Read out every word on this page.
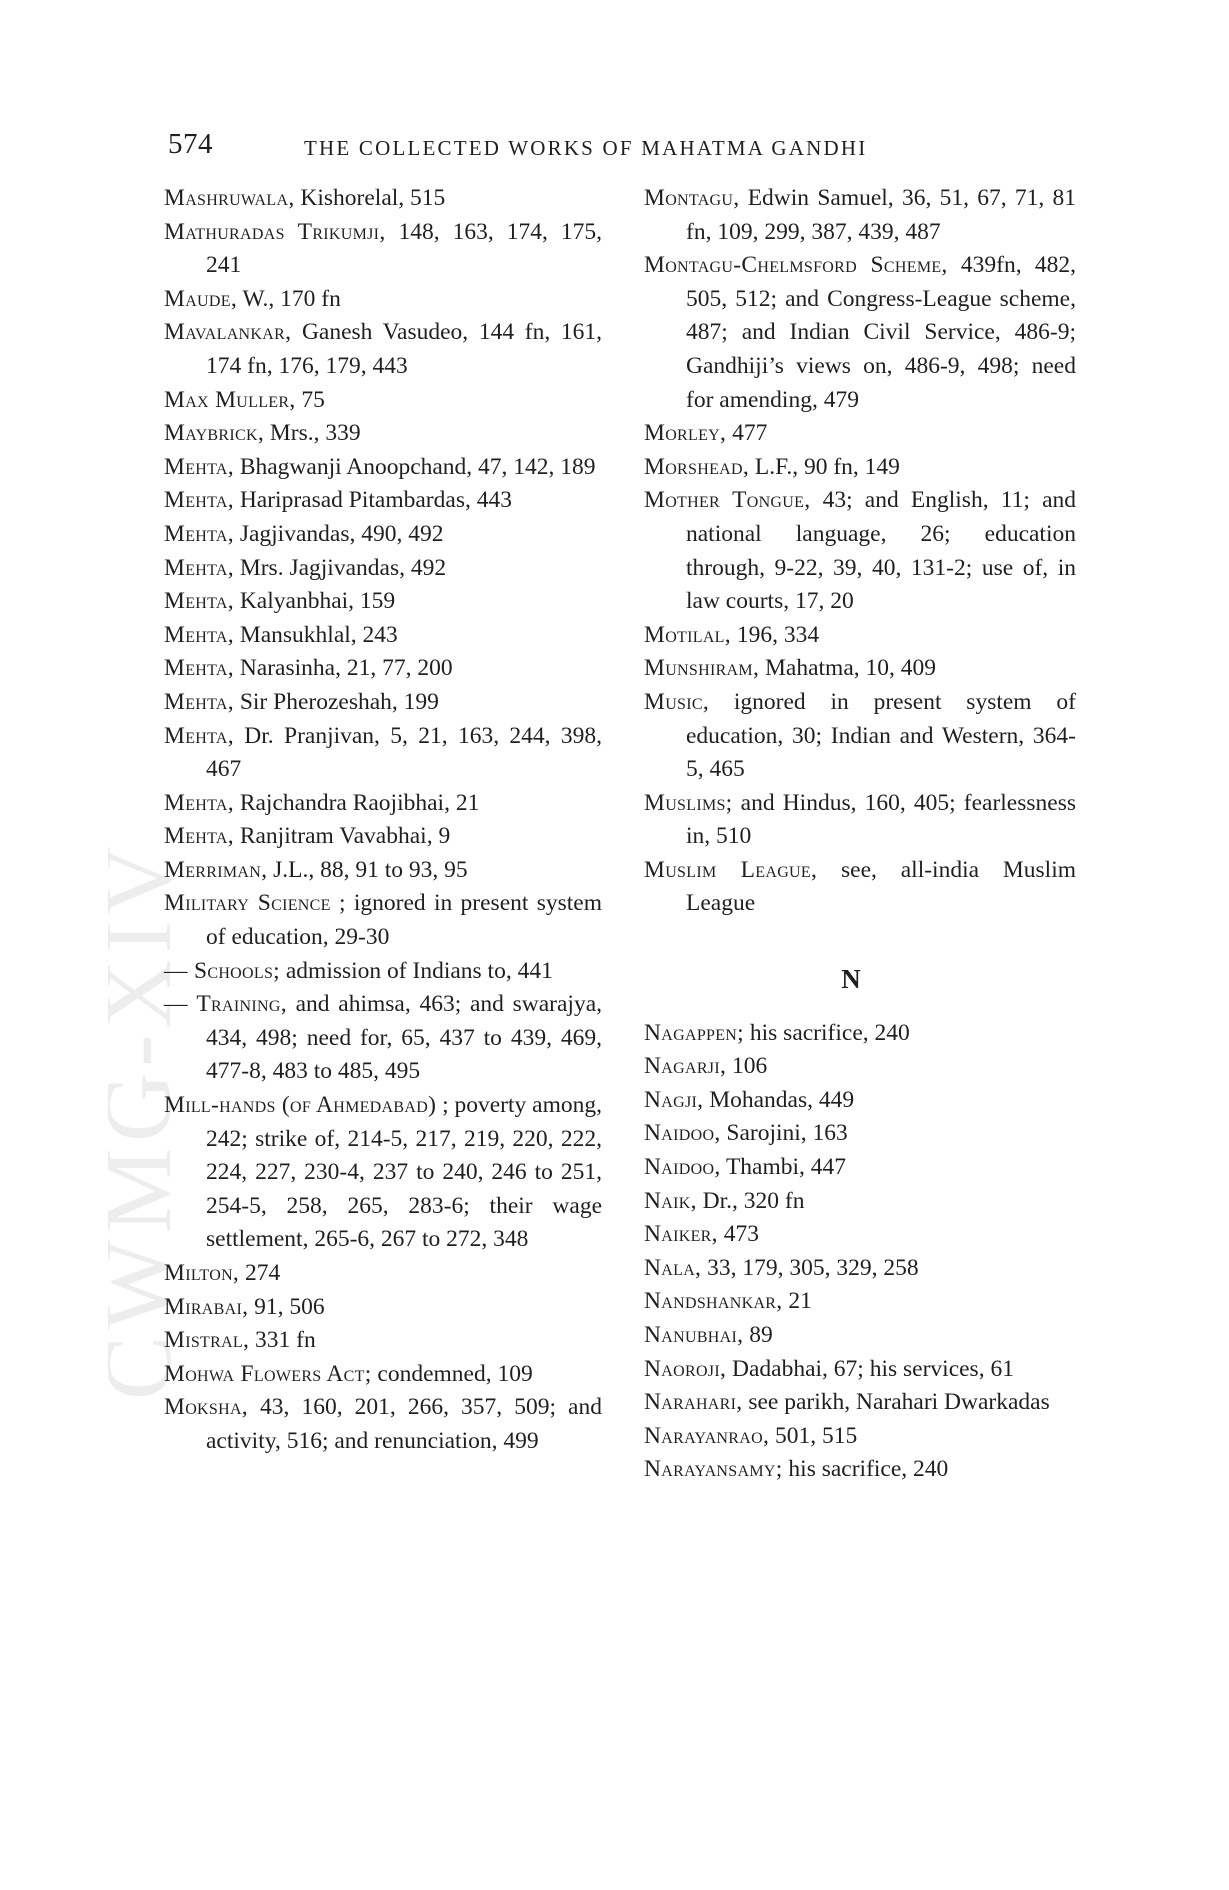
CWMG-XIV
574	THE COLLECTED WORKS OF MAHATMA GANDHI

Mashruwala, Kishorelal, 515

Mathuradas Trikumji, 148, 163, 174, 175, 241

Maude, W., 170 fn

Mavalankar, Ganesh Vasudeo, 144 fn, 161, 174 fn, 176, 179, 443

Max Muller, 75

Maybrick, Mrs., 339

Mehta, Bhagwanji Anoopchand, 47, 142, 189

Mehta, Hariprasad Pitambardas, 443

Mehta, Jagjivandas, 490, 492

Mehta, Mrs. Jagjivandas, 492

Mehta, Kalyanbhai, 159

Mehta, Mansukhlal, 243

Mehta, Narasinha, 21, 77, 200

Mehta, Sir Pherozeshah, 199

Mehta, Dr. Pranjivan, 5, 21, 163, 244, 398, 467

Mehta, Rajchandra Raojibhai, 21

Mehta, Ranjitram Vavabhai, 9

Merriman, J.L., 88, 91 to 93, 95

Military Science ; ignored in present system of education, 29-30

— Schools; admission of Indians to, 441

— Training, and ahimsa, 463; and swarajya, 434, 498; need for, 65, 437 to 439, 469, 477-8, 483 to 485, 495

Mill-hands (of Ahmedabad) ; poverty among, 242; strike of, 214-5, 217, 219, 220, 222, 224, 227, 230-4, 237 to 240, 246 to 251, 254-5, 258, 265, 283-6; their wage settlement, 265-6, 267 to 272, 348

Milton, 274

Mirabai, 91, 506

Mistral, 331 fn

Mohwa Flowers Act; condemned, 109

Moksha, 43, 160, 201, 266, 357, 509; and activity, 516; and renunciation, 499

Montagu, Edwin Samuel, 36, 51, 67, 71, 81 fn, 109, 299, 387, 439, 487

Montagu-Chelmsford Scheme, 439fn, 482, 505, 512; and Congress-League scheme, 487; and Indian Civil Service, 486-9; Gandhiji’s views on, 486-9, 498; need for amending, 479

Morley, 477

Morshead, L.F., 90 fn, 149

Mother Tongue, 43; and English, 11; and national language, 26; education through, 9-22, 39, 40, 131-2; use of, in law courts, 17, 20

Motilal, 196, 334

Munshiram, Mahatma, 10, 409

Music, ignored in present system of education, 30; Indian and Western, 364-5, 465

Muslims; and Hindus, 160, 405; fearlessness in, 510

Muslim League, see, all-india Muslim League

N

Nagappen; his sacrifice, 240

Nagarji, 106

Nagji, Mohandas, 449

Naidoo, Sarojini, 163

Naidoo, Thambi, 447

Naik, Dr., 320 fn

Naiker, 473

Nala, 33, 179, 305, 329, 258

Nandshankar, 21

Nanubhai, 89

Naoroji, Dadabhai, 67; his services, 61

Narahari, see parikh, Narahari Dwarkadas

Narayanrao, 501, 515

Narayansamy; his sacrifice, 240
